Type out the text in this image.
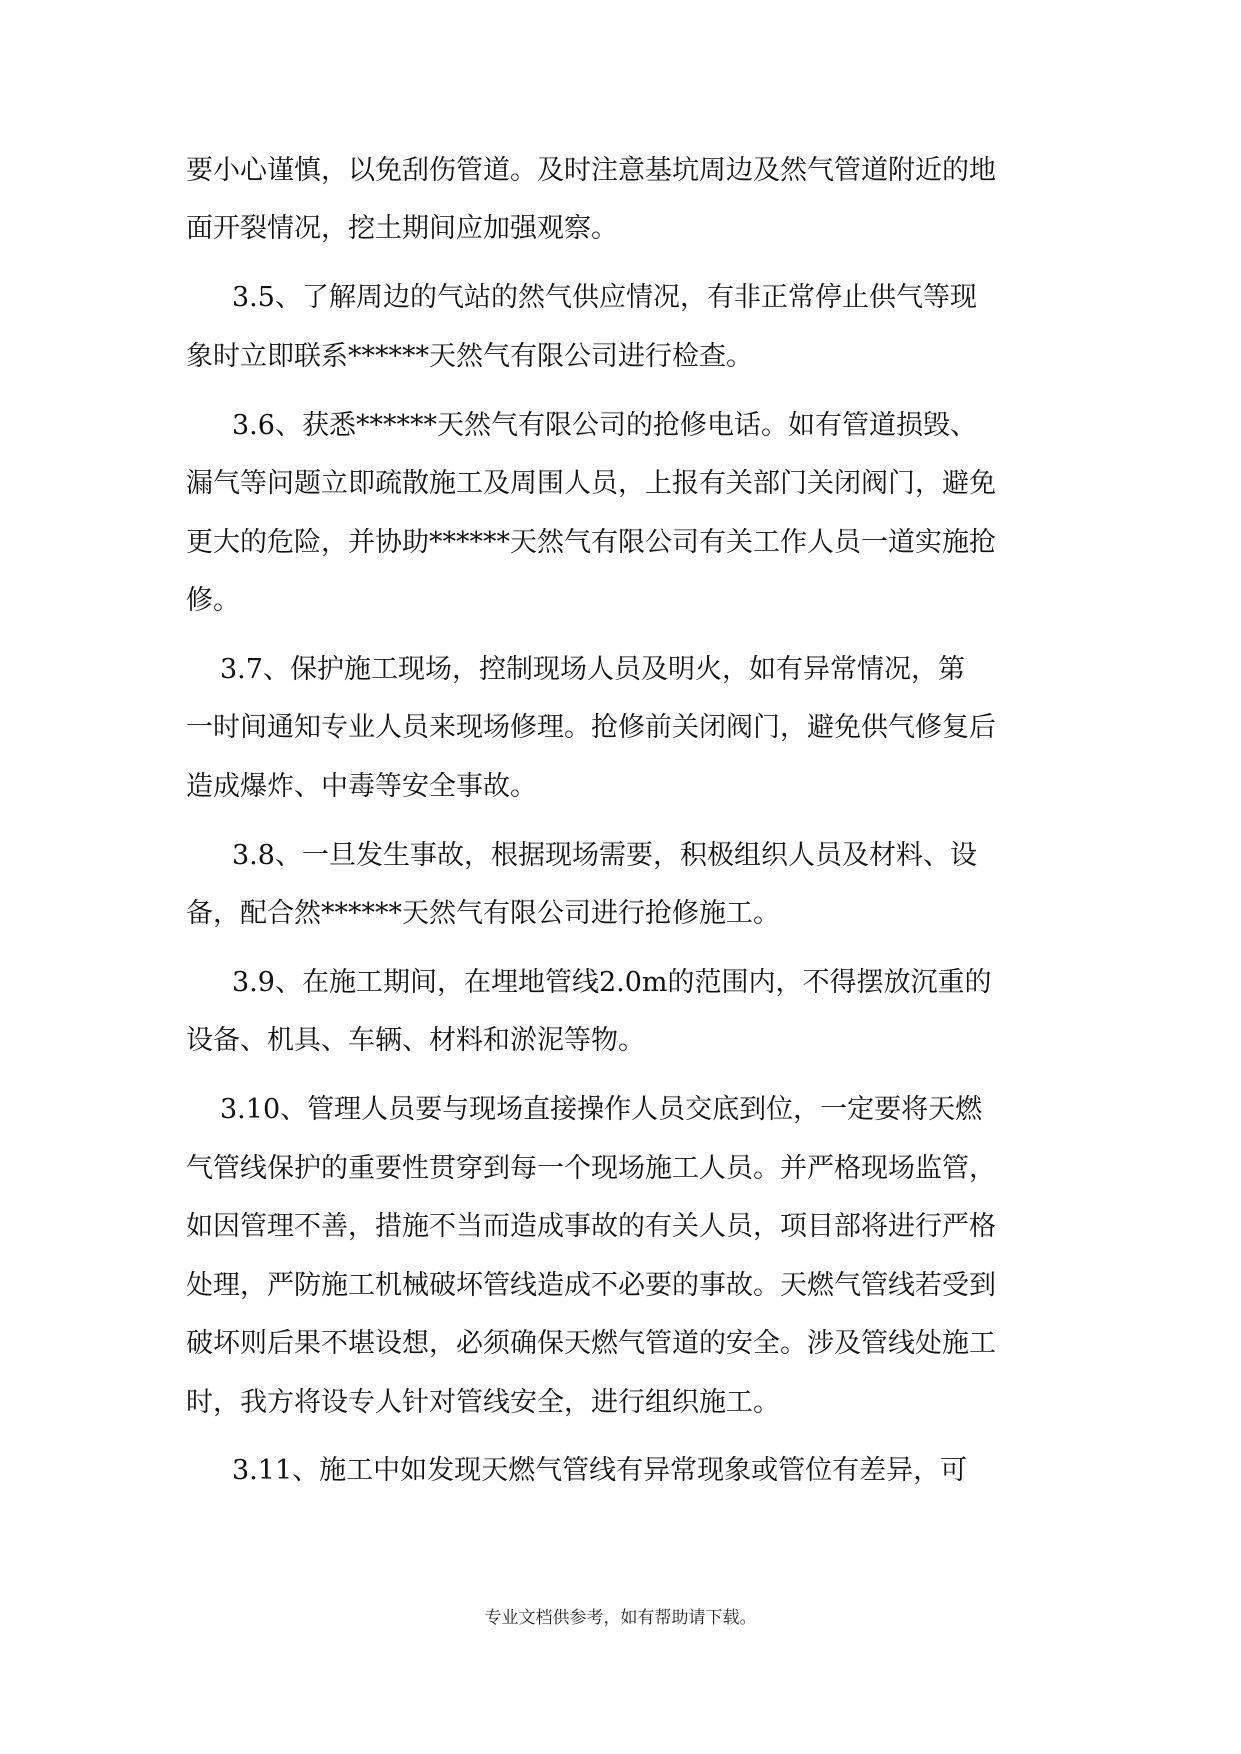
要小心谨慎，以免刮伤管道。及时注意基坑周边及然气管道附近的地
面开裂情况，挖土期间应加强观察。
3.5、了解周边的气站的然气供应情况，有非正常停止供气等现
象时立即联系******天然气有限公司进行检查。
3.6、获悉******天然气有限公司的抢修电话。如有管道损毁、
漏气等问题立即疏散施工及周围人员，上报有关部门关闭阀门，避免
更大的危险，并协助******天然气有限公司有关工作人员一道实施抢
修。
3.7、保护施工现场，控制现场人员及明火，如有异常情况，第
一时间通知专业人员来现场修理。抢修前关闭阀门，避免供气修复后
造成爆炸、中毒等安全事故。
3.8、一旦发生事故，根据现场需要，积极组织人员及材料、设
备，配合然******天然气有限公司进行抢修施工。
3.9、在施工期间，在埋地管线2.0m的范围内，不得摆放沉重的
设备、机具、车辆、材料和淤泥等物。
3.10、管理人员要与现场直接操作人员交底到位，一定要将天燃
气管线保护的重要性贯穿到每一个现场施工人员。并严格现场监管，
如因管理不善，措施不当而造成事故的有关人员，项目部将进行严格
处理，严防施工机械破坏管线造成不必要的事故。天燃气管线若受到
破坏则后果不堪设想，必须确保天燃气管道的安全。涉及管线处施工
时，我方将设专人针对管线安全，进行组织施工。
3.11、施工中如发现天燃气管线有异常现象或管位有差异，可
专业文档供参考，如有帮助请下载。
